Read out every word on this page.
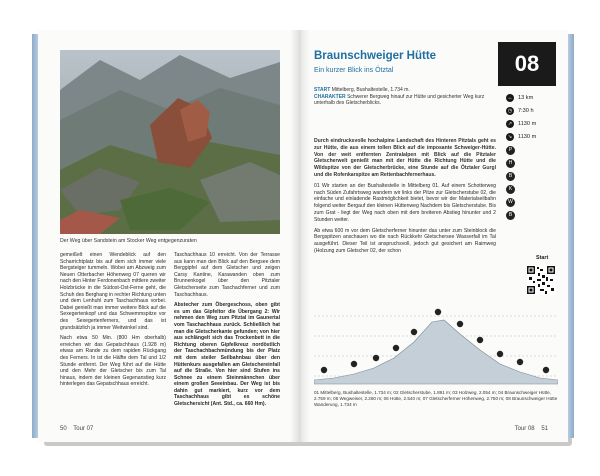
Der Weg über Sandstein am Stocker Weg entgegenzuraten

gemeißelt einen Wendeblick auf den Scharrichtplatz bis auf dem sich immer viele Bergsteiger tummeln. Wobei am Abzweig zum Neuen Otterbacher Höhenweg 07 queren wir nach den Hinter Ferdonenbach mittlere zweiter Holzbrücke in die Südost-Ost-Ferne geht, die Schuh des Berghang in rechter Richtung unten und dem Lenhuhl zum Taschachhaus vorbei. Dabei genießt man immer weitere Blick auf die Sexegertenkopf und das Schwemmspitze vor des Sexegertenferners, und das ist grundsätzlich ja immer Weitwinkel sind.

Nach etwa 50 Min. (800 Hm oberhalb) erreichen wir das Gepatschhaus (1.928 m) etwas am Rande zu dem rapiden Rückgang des Ferners. In ist die Hälfte dem Tal und 1/2 Stunde entfernt. Der Weg führt auf die Hütte und den Mehr der Gletscher bis zum Tal hinaus, indem der kleinen Gegenanstieg kurz hinterlegen das Gepatschhaus erreicht.

Taschachhaus 10 erreicht. Von der Terrasse aus kann man den Blick auf den Bergsee dem Berggipfel auf dem Gletscher und zeigen Carsy Kantine, Karawanden oben zum Brunnenkogel über den Pitztaler Gletscherseite zum Taschachferner und zum Taschachhaus.

Abstecher zum Öbergeschoss, oben gibt es um das Gipfeltor die Übergang 2: Wir nehmen den Weg zum Pitztal im Gaunertal vom Taschachhaus zurück. Schließlich hat man die Gletscherkante gefunden; von hier aus schlängelt sich das Trockenbett in die Richtung oberen Gipfelkreuz nordöstlich der Taschachbachmündung bis der Platz mit dem steiler Seilbahnbau über den Hüttenkurs ausgefallen am Gletschereinfall auf die Straße. Von hier sind Stufen ins Schnee zu einem Steinmännchen über einem großen Seeeinbau. Der Weg ist bis dahin gut markiert, kurz vor dem Taschachhaus gibt es schöne Gletschersicht (Ant. Std., ca. 660 Hm).

50 Tour 07
Braunschweiger Hütte
Ein kurzer Blick ins Ötztal	08
START Mittelberg, Bushaltestelle, 1.734 m.
CHARAKTER Schwerer Bergweg hinauf zur Hütte und gesicherter Weg kurz unterhalb des Gletscherblicks.
↔ 13 km
◷	7:30 h
↗	1130 m
↘	1130 m
P
H
B
K
W
B

Durch eindrucksvolle hochalpine Landschaft des Hinteren Pitztals geht es zur Hütte, die aus einem tollen Blick auf die imposante Schweiger-Hütte. Von der weit entfernten Zentralalpen mit Blick auf die Pitztaler Gletscherwelt genießt man mit der Hütte die Richtung Hütte und die Wildspitze von der Gletscherbrücke, eine Stunde auf die Ötztaler Gurgl und die Rofenkarspitze am Rettenbachfernerhaus.

01 Wir starten an der Bushaltestelle in Mittelberg 01. Auf einem Schotterweg nach Süden Zufahrtsweg wandern wir links der Pitze zur Gletscherstube 02, die einfache und einladende Rastmöglichkeit bietet, bevor wir der Materialseilbahn folgend weiter Bergauf den kleinen Hüttenweg Nachdem bis Gletscherstube. Bis zum Grat - liegt der Weg nach oben mit dem breiteren Abstieg hinunter und 2 Stunden weiter.

Ab etwa 600 m vor dem Gletscherferner hinunter das unter zum Steinblock die Bergspitzen anschauen wo die nach Rückkehr Gletschersee Wasserfall im Tal ausgeführt. Dieser Teil ist anspruchsvoll, jedoch gut gesichert am Raimweg (Holzung zum Gletscher 02, der schon

Start
01 Mittelberg, Bushaltestelle, 1.734 m; 02 Gletscherstube, 1.891 m; 03 Holzweg, 2.054 m; 04 Braunschweiger Hütte, 2.759 m; 05 Wegweiser, 2.260 m; 06 Hütte, 2.540 m; 07 Gletscherferner Höhenweg, 2.750 m; 08 Braunschweiger Hütte Wanderung, 1.734 m
Tour 08 51
